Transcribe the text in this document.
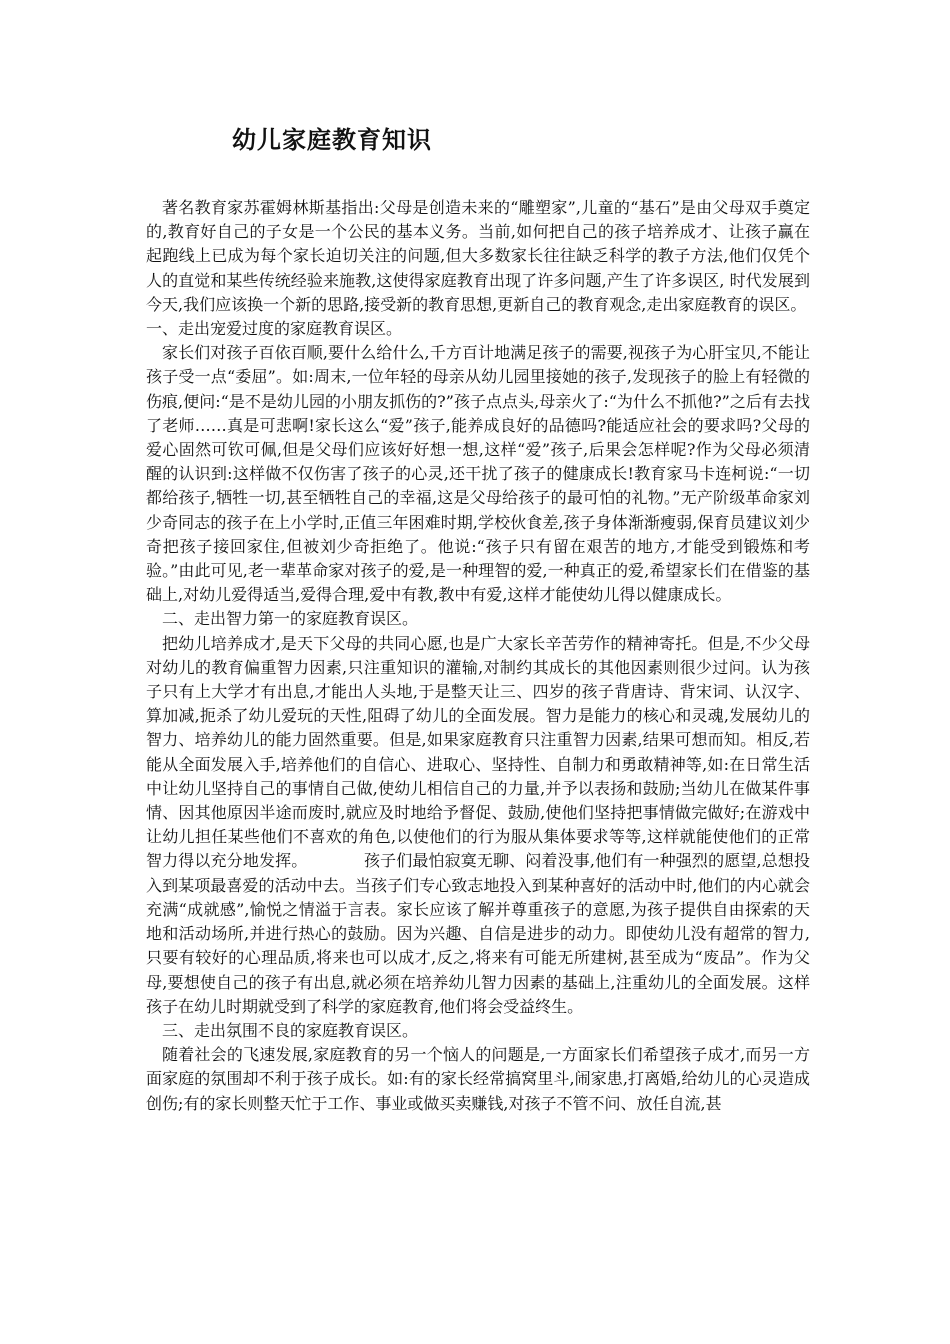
幼儿家庭教育知识

著名教育家苏霍姆林斯基指出:父母是创造未来的“雕塑家”,儿童的“基石”是由父母双手奠定的,教育好自己的子女是一个公民的基本义务。当前,如何把自己的孩子培养成才、让孩子赢在起跑线上已成为每个家长迫切关注的问题,但大多数家长往往缺乏科学的教子方法,他们仅凭个人的直觉和某些传统经验来施教,这使得家庭教育出现了许多问题,产生了许多误区, 时代发展到今天,我们应该换一个新的思路,接受新的教育思想,更新自己的教育观念,走出家庭教育的误区。

一、走出宠爱过度的家庭教育误区。

家长们对孩子百依百顺,要什么给什么,千方百计地满足孩子的需要,视孩子为心肝宝贝,不能让孩子受一点“委屈”。如:周末,一位年轻的母亲从幼儿园里接她的孩子,发现孩子的脸上有轻微的伤痕,便问:“是不是幼儿园的小朋友抓伤的?”孩子点点头,母亲火了:“为什么不抓他?”之后有去找了老师……真是可悲啊!家长这么“爱”孩子,能养成良好的品德吗?能适应社会的要求吗?父母的爱心固然可钦可佩,但是父母们应该好好想一想,这样“爱”孩子,后果会怎样呢?作为父母必须清醒的认识到:这样做不仅伤害了孩子的心灵,还干扰了孩子的健康成长!教育家马卡连柯说:“一切都给孩子,牺牲一切,甚至牺牲自己的幸福,这是父母给孩子的最可怕的礼物。”无产阶级革命家刘少奇同志的孩子在上小学时,正值三年困难时期,学校伙食差,孩子身体渐渐瘦弱,保育员建议刘少奇把孩子接回家住,但被刘少奇拒绝了。他说:“孩子只有留在艰苦的地方,才能受到锻炼和考验。”由此可见,老一辈革命家对孩子的爱,是一种理智的爱,一种真正的爱,希望家长们在借鉴的基础上,对幼儿爱得适当,爱得合理,爱中有教,教中有爱,这样才能使幼儿得以健康成长。

二、走出智力第一的家庭教育误区。

把幼儿培养成才,是天下父母的共同心愿,也是广大家长辛苦劳作的精神寄托。但是,不少父母对幼儿的教育偏重智力因素,只注重知识的灌输,对制约其成长的其他因素则很少过问。认为孩子只有上大学才有出息,才能出人头地,于是整天让三、四岁的孩子背唐诗、背宋词、认汉字、算加减,扼杀了幼儿爱玩的天性,阻碍了幼儿的全面发展。智力是能力的核心和灵魂,发展幼儿的智力、培养幼儿的能力固然重要。但是,如果家庭教育只注重智力因素,结果可想而知。相反,若能从全面发展入手,培养他们的自信心、进取心、坚持性、自制力和勇敢精神等,如:在日常生活中让幼儿坚持自己的事情自己做,使幼儿相信自己的力量,并予以表扬和鼓励;当幼儿在做某件事情、因其他原因半途而废时,就应及时地给予督促、鼓励,使他们坚持把事情做完做好;在游戏中让幼儿担任某些他们不喜欢的角色,以使他们的行为服从集体要求等等,这样就能使他们的正常智力得以充分地发挥。　　　　孩子们最怕寂寞无聊、闷着没事,他们有一种强烈的愿望,总想投入到某项最喜爱的活动中去。当孩子们专心致志地投入到某种喜好的活动中时,他们的内心就会充满“成就感”,愉悦之情溢于言表。家长应该了解并尊重孩子的意愿,为孩子提供自由探索的天地和活动场所,并进行热心的鼓励。因为兴趣、自信是进步的动力。即使幼儿没有超常的智力,只要有较好的心理品质,将来也可以成才,反之,将来有可能无所建树,甚至成为“废品”。作为父母,要想使自己的孩子有出息,就必须在培养幼儿智力因素的基础上,注重幼儿的全面发展。这样孩子在幼儿时期就受到了科学的家庭教育,他们将会受益终生。

三、走出氛围不良的家庭教育误区。

随着社会的飞速发展,家庭教育的另一个恼人的问题是,一方面家长们希望孩子成才,而另一方面家庭的氛围却不利于孩子成长。如:有的家长经常搞窝里斗,闹家患,打离婚,给幼儿的心灵造成创伤;有的家长则整天忙于工作、事业或做买卖赚钱,对孩子不管不问、放任自流,甚
